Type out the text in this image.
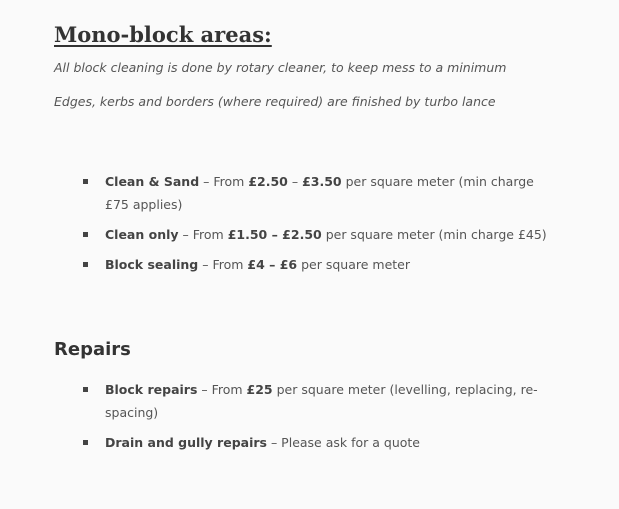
Mono-block areas:

All block cleaning is done by rotary cleaner, to keep mess to a minimum

Edges, kerbs and borders (where required) are finished by turbo lance

Clean & Sand – From £2.50 – £3.50 per square meter (min charge £75 applies)
Clean only – From £1.50 – £2.50 per square meter (min charge £45)
Block sealing – From £4 – £6 per square meter
Repairs
Block repairs – From £25 per square meter (levelling, replacing, re-spacing)
Drain and gully repairs – Please ask for a quote
